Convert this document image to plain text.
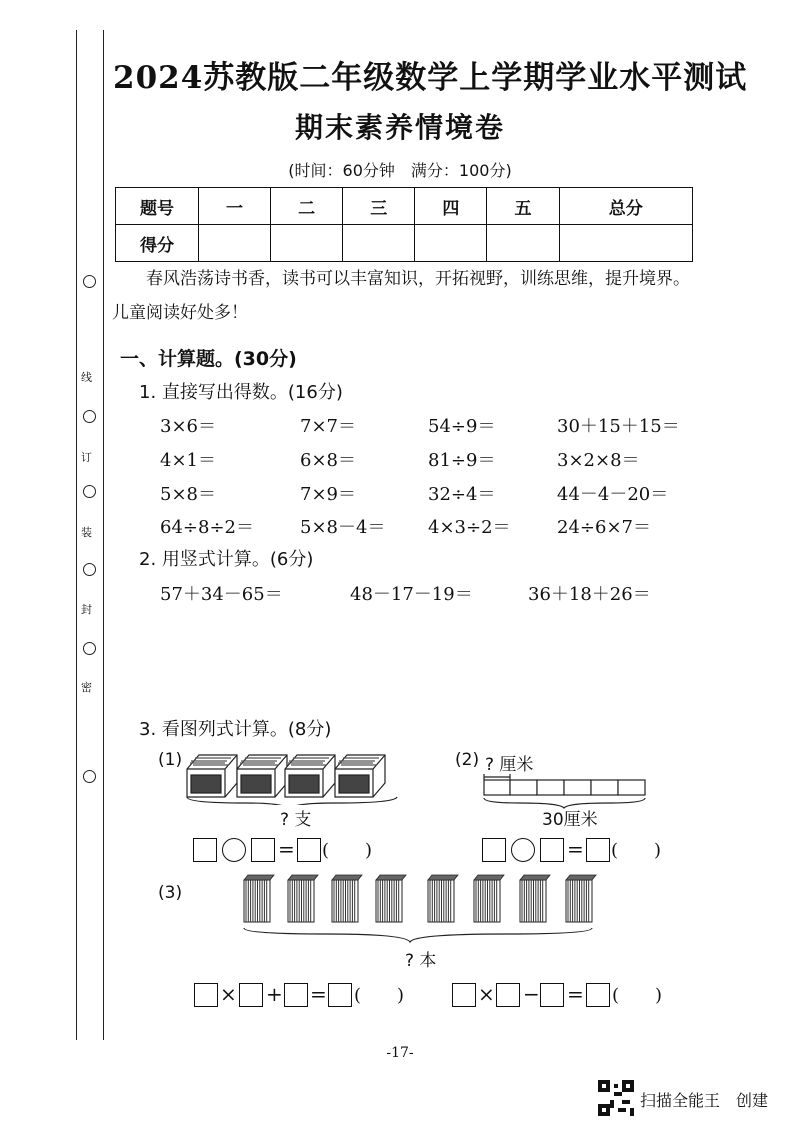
线
订
装
封
密
2024苏教版二年级数学上学期学业水平测试
期末素养情境卷
(时间：60分钟　满分：100分)
题号	一	二	三	四	五	总分
得分						
春风浩荡诗书香，读书可以丰富知识，开拓视野，训练思维，提升境界。儿童阅读好处多！
一、计算题。(30分)
1. 直接写出得数。(16分)
3×6＝	7×7＝	54÷9＝	30＋15＋15＝
4×1＝	6×8＝	81÷9＝	3×2×8＝
5×8＝	7×9＝	32÷4＝	44－4－20＝
64÷8÷2＝	5×8－4＝ 4×3÷2＝	24÷6×7＝
2. 用竖式计算。(6分)
57＋34－65＝	48－17－19＝	36＋18＋26＝
3. 看图列式计算。(8分)
(1)
? 支
(2) ? 厘米
30厘米
= (　　)	= (　　)
(3)
? 本
× + = (　　)	× − = (　　)
-17-
扫描全能王　创建
